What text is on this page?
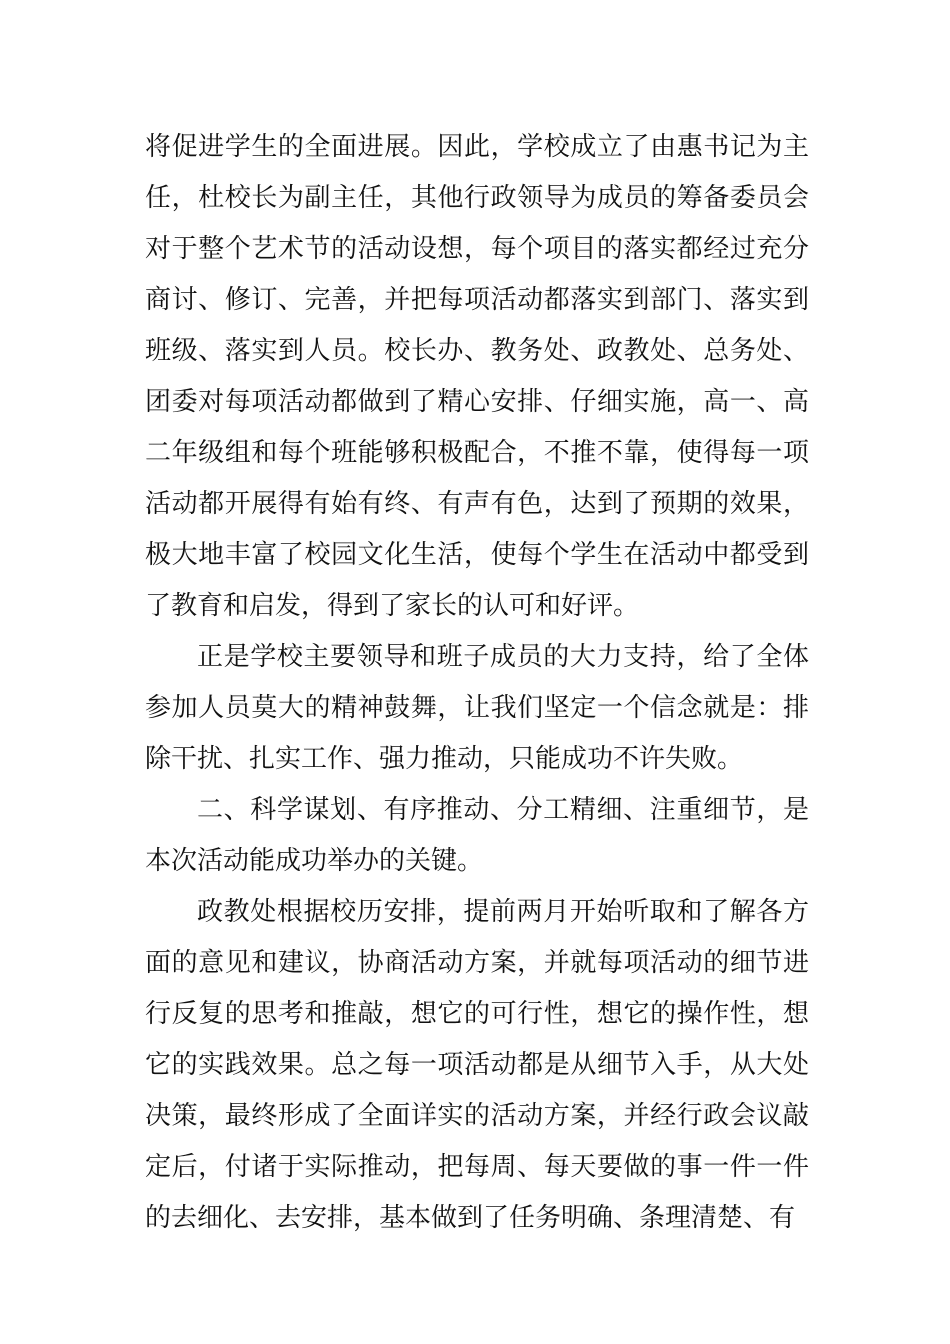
将促进学生的全面进展。因此，学校成立了由惠书记为主任，杜校长为副主任，其他行政领导为成员的筹备委员会对于整个艺术节的活动设想，每个项目的落实都经过充分商讨、修订、完善，并把每项活动都落实到部门、落实到班级、落实到人员。校长办、教务处、政教处、总务处、团委对每项活动都做到了精心安排、仔细实施，高一、高二年级组和每个班能够积极配合，不推不靠，使得每一项活动都开展得有始有终、有声有色，达到了预期的效果，极大地丰富了校园文化生活，使每个学生在活动中都受到了教育和启发，得到了家长的认可和好评。

正是学校主要领导和班子成员的大力支持，给了全体参加人员莫大的精神鼓舞，让我们坚定一个信念就是：排除干扰、扎实工作、强力推动，只能成功不许失败。

二、科学谋划、有序推动、分工精细、注重细节，是本次活动能成功举办的关键。

政教处根据校历安排，提前两月开始听取和了解各方面的意见和建议，协商活动方案，并就每项活动的细节进行反复的思考和推敲，想它的可行性，想它的操作性，想它的实践效果。总之每一项活动都是从细节入手，从大处决策，最终形成了全面详实的活动方案，并经行政会议敲定后，付诸于实际推动，把每周、每天要做的事一件一件的去细化、去安排，基本做到了任务明确、条理清楚、有
